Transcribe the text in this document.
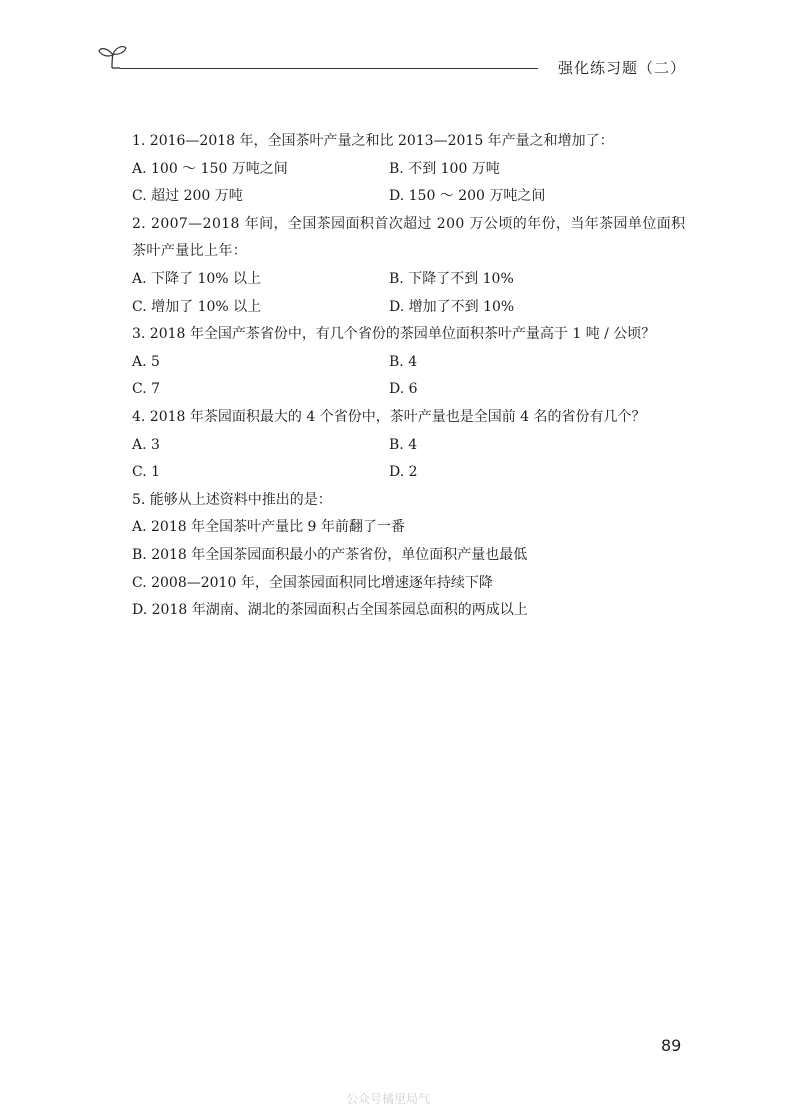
强化练习题（二）

1. 2016—2018 年，全国茶叶产量之和比 2013—2015 年产量之和增加了：

A. 100 ～ 150 万吨之间	B. 不到 100 万吨
C. 超过 200 万吨	D. 150 ～ 200 万吨之间

2. 2007—2018 年间，全国茶园面积首次超过 200 万公顷的年份，当年茶园单位面积茶叶产量比上年：

A. 下降了 10% 以上	B. 下降了不到 10%
C. 增加了 10% 以上	D. 增加了不到 10%

3. 2018 年全国产茶省份中，有几个省份的茶园单位面积茶叶产量高于 1 吨 / 公顷？

A. 5	B. 4
C. 7	D. 6

4. 2018 年茶园面积最大的 4 个省份中，茶叶产量也是全国前 4 名的省份有几个？

A. 3	B. 4
C. 1	D. 2

5. 能够从上述资料中推出的是：

A. 2018 年全国茶叶产量比 9 年前翻了一番
B. 2018 年全国茶园面积最小的产茶省份，单位面积产量也最低
C. 2008—2010 年，全国茶园面积同比增速逐年持续下降
D. 2018 年湖南、湖北的茶园面积占全国茶园总面积的两成以上
89
公众号橘里局气
